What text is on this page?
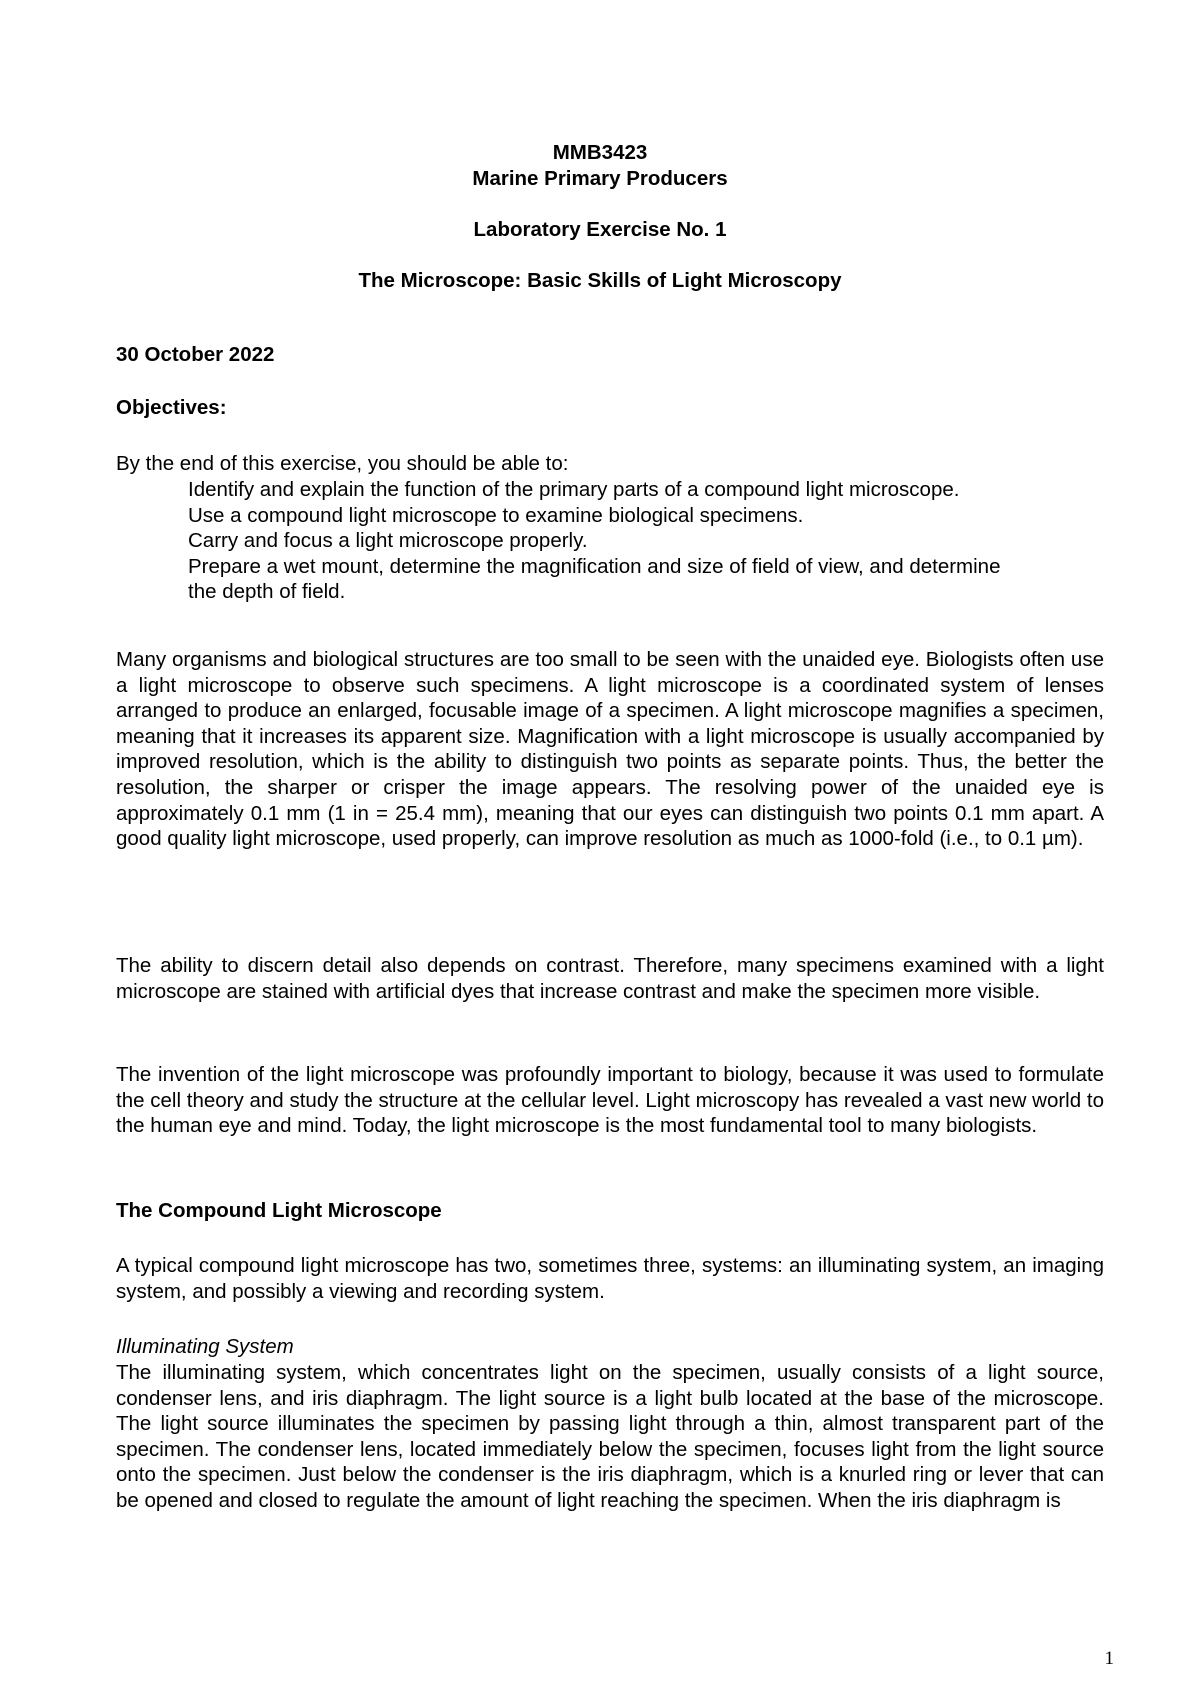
MMB3423
Marine Primary Producers
Laboratory Exercise No. 1
The Microscope: Basic Skills of Light Microscopy
30 October 2022
Objectives:
By the end of this exercise, you should be able to:
Identify and explain the function of the primary parts of a compound light microscope.
Use a compound light microscope to examine biological specimens.
Carry and focus a light microscope properly.
Prepare a wet mount, determine the magnification and size of field of view, and determine the depth of field.
Many organisms and biological structures are too small to be seen with the unaided eye. Biologists often use a light microscope to observe such specimens. A light microscope is a coordinated system of lenses arranged to produce an enlarged, focusable image of a specimen. A light microscope magnifies a specimen, meaning that it increases its apparent size. Magnification with a light microscope is usually accompanied by improved resolution, which is the ability to distinguish two points as separate points. Thus, the better the resolution, the sharper or crisper the image appears. The resolving power of the unaided eye is approximately 0.1 mm (1 in = 25.4 mm), meaning that our eyes can distinguish two points 0.1 mm apart. A good quality light microscope, used properly, can improve resolution as much as 1000-fold (i.e., to 0.1 µm).
The ability to discern detail also depends on contrast. Therefore, many specimens examined with a light microscope are stained with artificial dyes that increase contrast and make the specimen more visible.
The invention of the light microscope was profoundly important to biology, because it was used to formulate the cell theory and study the structure at the cellular level. Light microscopy has revealed a vast new world to the human eye and mind. Today, the light microscope is the most fundamental tool to many biologists.
The Compound Light Microscope
A typical compound light microscope has two, sometimes three, systems: an illuminating system, an imaging system, and possibly a viewing and recording system.
Illuminating System
The illuminating system, which concentrates light on the specimen, usually consists of a light source, condenser lens, and iris diaphragm. The light source is a light bulb located at the base of the microscope. The light source illuminates the specimen by passing light through a thin, almost transparent part of the specimen. The condenser lens, located immediately below the specimen, focuses light from the light source onto the specimen. Just below the condenser is the iris diaphragm, which is a knurled ring or lever that can be opened and closed to regulate the amount of light reaching the specimen. When the iris diaphragm is
1
